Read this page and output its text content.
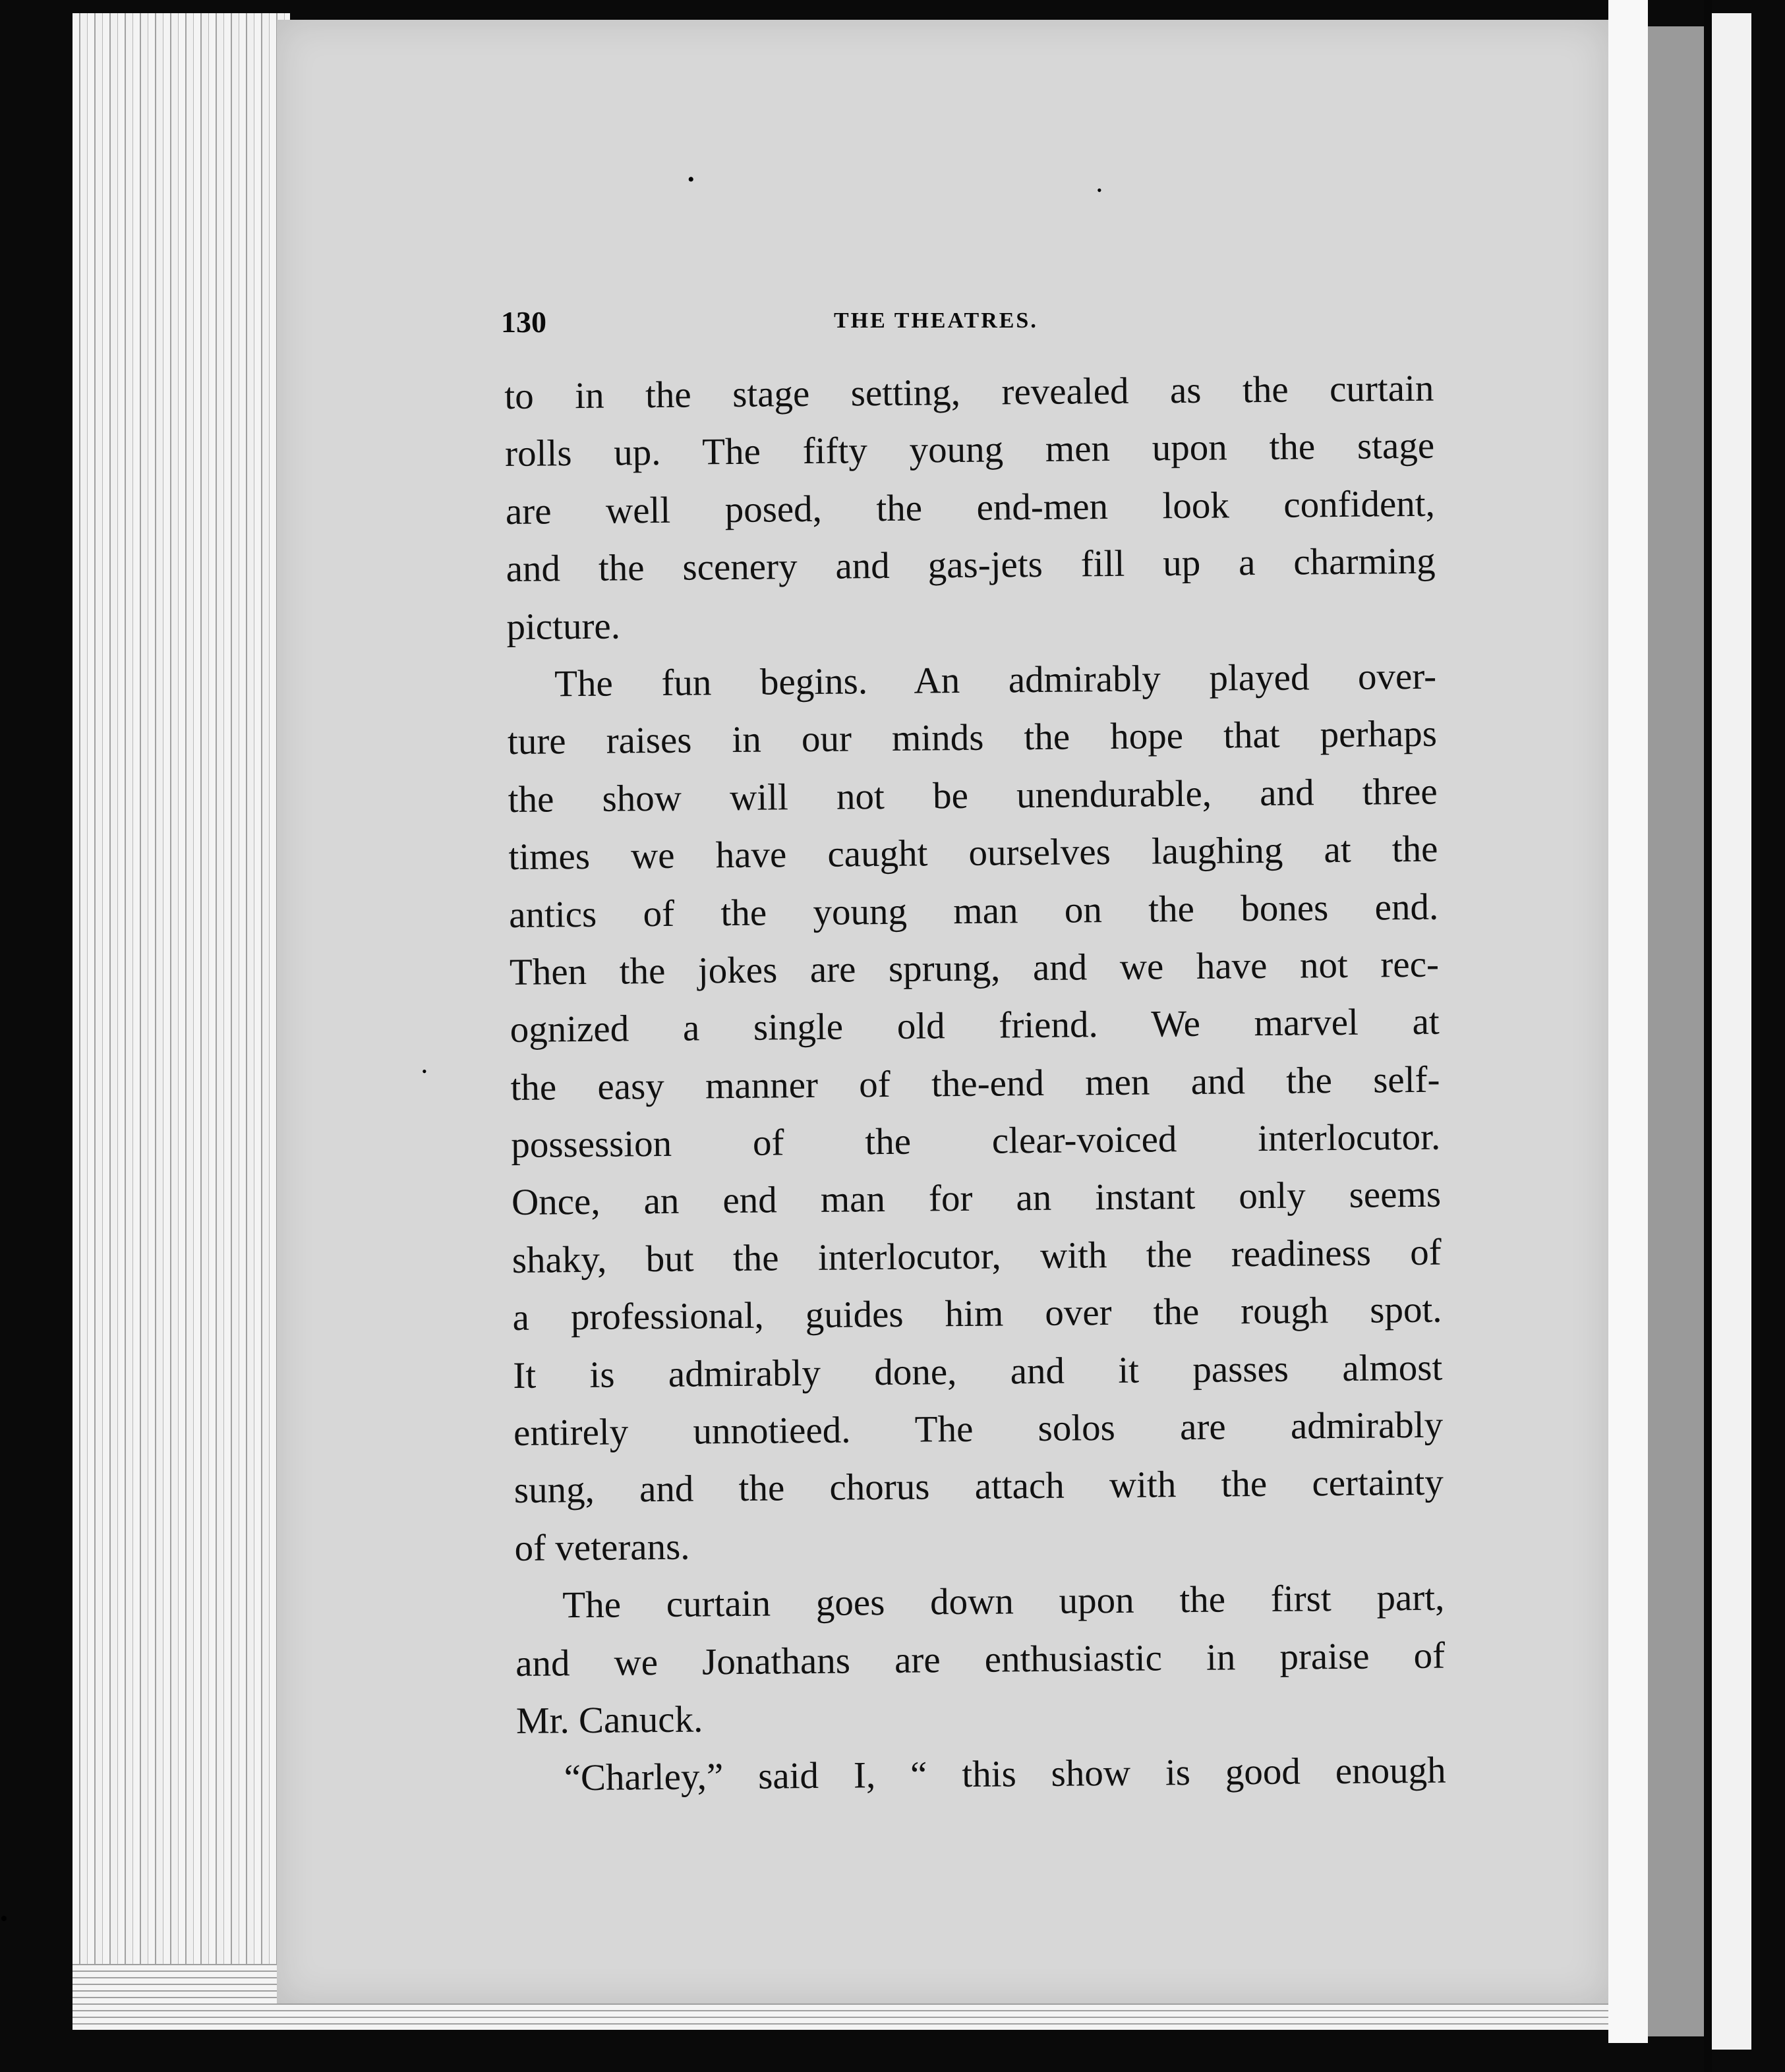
•	•
•
•
130	THE THEATRES.
to in the stage setting, revealed as the curtain
rolls up. The fifty young men upon the stage
are well posed, the end-men look confident,
and the scenery and gas-jets fill up a charming
picture.
The fun begins. An admirably played over-
ture raises in our minds the hope that perhaps
the show will not be unendurable, and three
times we have caught ourselves laughing at the
antics of the young man on the bones end.
Then the jokes are sprung, and we have not rec-
ognized a single old friend. We marvel at
the easy manner of the-end men and the self-
possession of the clear-voiced interlocutor.
Once, an end man for an instant only seems
shaky, but the interlocutor, with the readiness of
a professional, guides him over the rough spot.
It is admirably done, and it passes almost
entirely unnotieed. The solos are admirably
sung, and the chorus attach with the certainty
of veterans.
The curtain goes down upon the first part,
and we Jonathans are enthusiastic in praise of
Mr. Canuck.
“Charley,” said I, “ this show is good enough
